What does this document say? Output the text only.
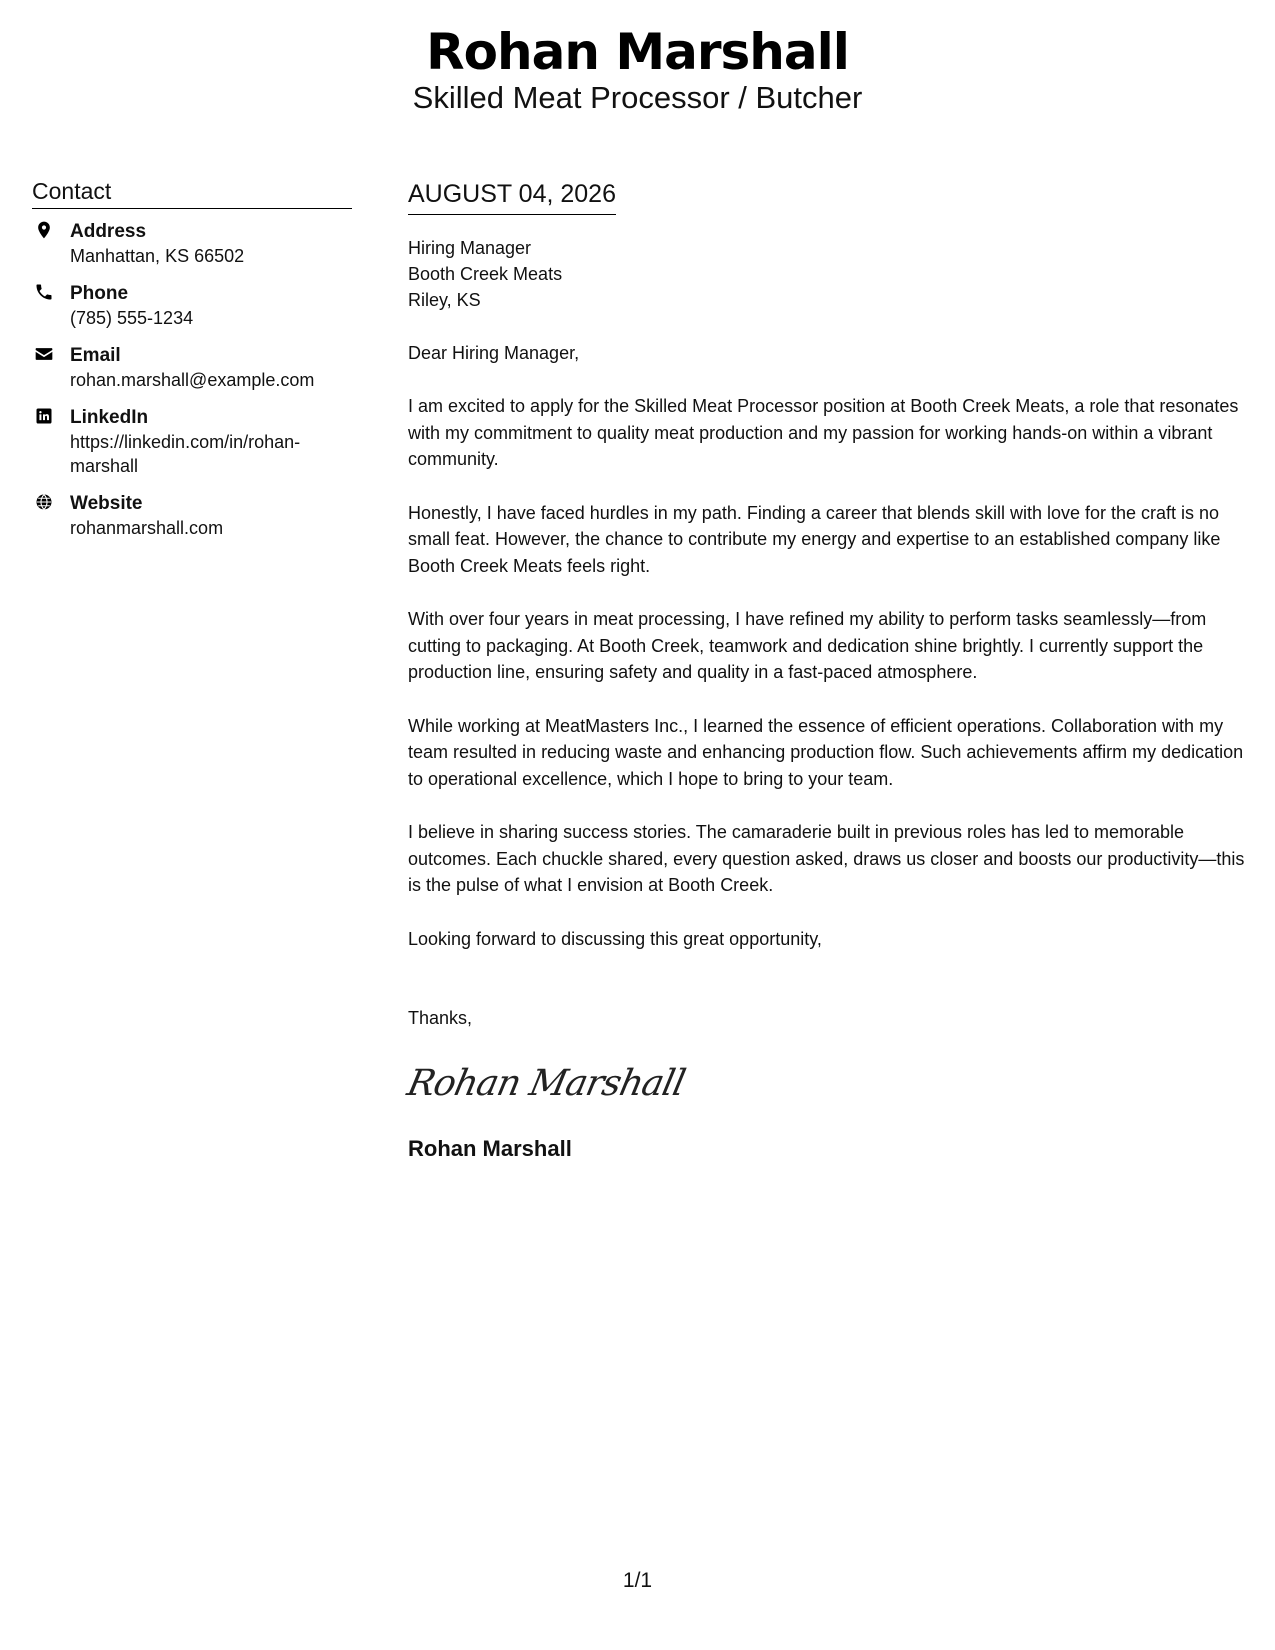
Rohan Marshall
Skilled Meat Processor / Butcher
Contact
Address
Manhattan, KS 66502
Phone
(785) 555-1234
Email
rohan.marshall@example.com
LinkedIn
https://linkedin.com/in/rohan-marshall
Website
rohanmarshall.com
AUGUST 04, 2026
Hiring Manager
Booth Creek Meats
Riley, KS
Dear Hiring Manager,
I am excited to apply for the Skilled Meat Processor position at Booth Creek Meats, a role that resonates with my commitment to quality meat production and my passion for working hands-on within a vibrant community.
Honestly, I have faced hurdles in my path. Finding a career that blends skill with love for the craft is no small feat. However, the chance to contribute my energy and expertise to an established company like Booth Creek Meats feels right.
With over four years in meat processing, I have refined my ability to perform tasks seamlessly—from cutting to packaging. At Booth Creek, teamwork and dedication shine brightly. I currently support the production line, ensuring safety and quality in a fast-paced atmosphere.
While working at MeatMasters Inc., I learned the essence of efficient operations. Collaboration with my team resulted in reducing waste and enhancing production flow. Such achievements affirm my dedication to operational excellence, which I hope to bring to your team.
I believe in sharing success stories. The camaraderie built in previous roles has led to memorable outcomes. Each chuckle shared, every question asked, draws us closer and boosts our productivity—this is the pulse of what I envision at Booth Creek.
Looking forward to discussing this great opportunity,
Thanks,
Rohan Marshall
Rohan Marshall
1/1
